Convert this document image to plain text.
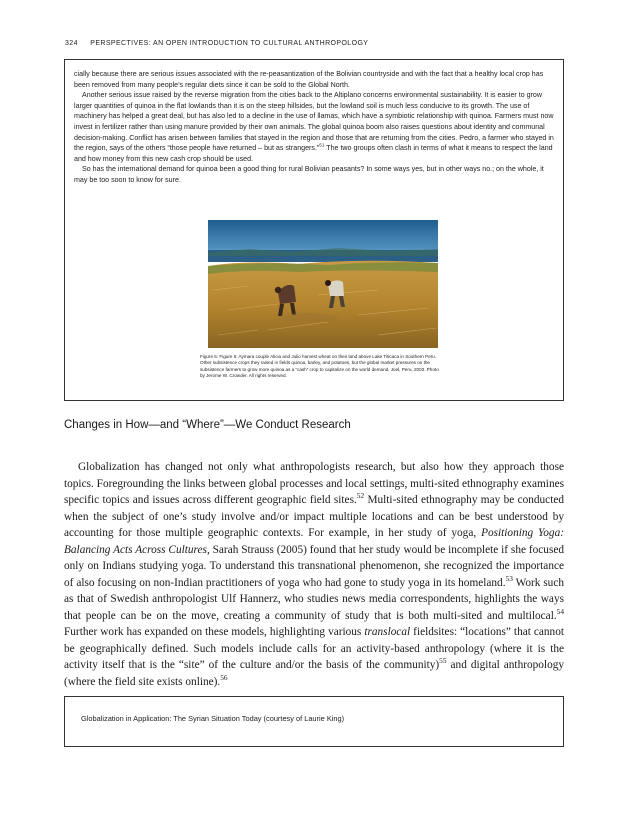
324 PERSPECTIVES: AN OPEN INTRODUCTION TO CULTURAL ANTHROPOLOGY

cially because there are serious issues associated with the re-peasantization of the Bolivian countryside and with the fact that a healthy local crop has been removed from many people’s regular diets since it can be sold to the Global North.

Another serious issue raised by the reverse migration from the cities back to the Altiplano concerns environmental sustainability. It is easier to grow larger quantities of quinoa in the flat lowlands than it is on the steep hillsides, but the lowland soil is much less conducive to its growth. The use of machinery has helped a great deal, but has also led to a decline in the use of llamas, which have a symbiotic relationship with quinoa. Farmers must now invest in fertilizer rather than using manure provided by their own animals. The global quinoa boom also raises questions about identity and communal decision-making. Conflict has arisen between families that stayed in the region and those that are returning from the cities. Pedro, a farmer who stayed in the region, says of the others “those people have returned – but as strangers.”$^{51}$ The two groups often clash in terms of what it means to respect the land and how money from this new cash crop should be used.

So has the international demand for quinoa been a good thing for rural Bolivian peasants? In some ways yes, but in other ways no.; on the whole, it may be too soon to know for sure.

Figure 5: Figure 5: Aymara couple Alicia and Julio harvest wheat on their land above Lake Titicaca in Southern Peru. Other subsistence crops they raised in fields quinoa, barley, and potatoes, but the global market pressures on the subsistence farmers to grow more quinoa as a “cash” crop to capitalize on the world demand. Joel, Peru, 2003. Photo by Jerome W. Crowder. All rights reserved.
Changes in How—and “Where”—We Conduct Research

Globalization has changed not only what anthropologists research, but also how they approach those topics. Foregrounding the links between global processes and local settings, multi-sited ethnography examines specific topics and issues across different geographic field sites.$^{52}$ Multi-sited ethnography may be conducted when the subject of one’s study involve and/or impact multiple locations and can be best understood by accounting for those multiple geographic contexts. For example, in her study of yoga, Positioning Yoga: Balancing Acts Across Cultures, Sarah Strauss (2005) found that her study would be incomplete if she focused only on Indians studying yoga. To understand this transnational phenomenon, she recognized the importance of also focusing on non-Indian practitioners of yoga who had gone to study yoga in its homeland.$^{53}$ Work such as that of Swedish anthropologist Ulf Hannerz, who studies news media correspondents, highlights the ways that people can be on the move, creating a community of study that is both multi-sited and multilocal.$^{54}$ Further work has expanded on these models, highlighting various translocal fieldsites: “locations” that cannot be geographically defined. Such models include calls for an activity-based anthropology (where it is the activity itself that is the “site” of the culture and/or the basis of the community)$^{55}$ and digital anthropology (where the field site exists online).$^{56}$

Globalization in Application: The Syrian Situation Today (courtesy of Laurie King)
